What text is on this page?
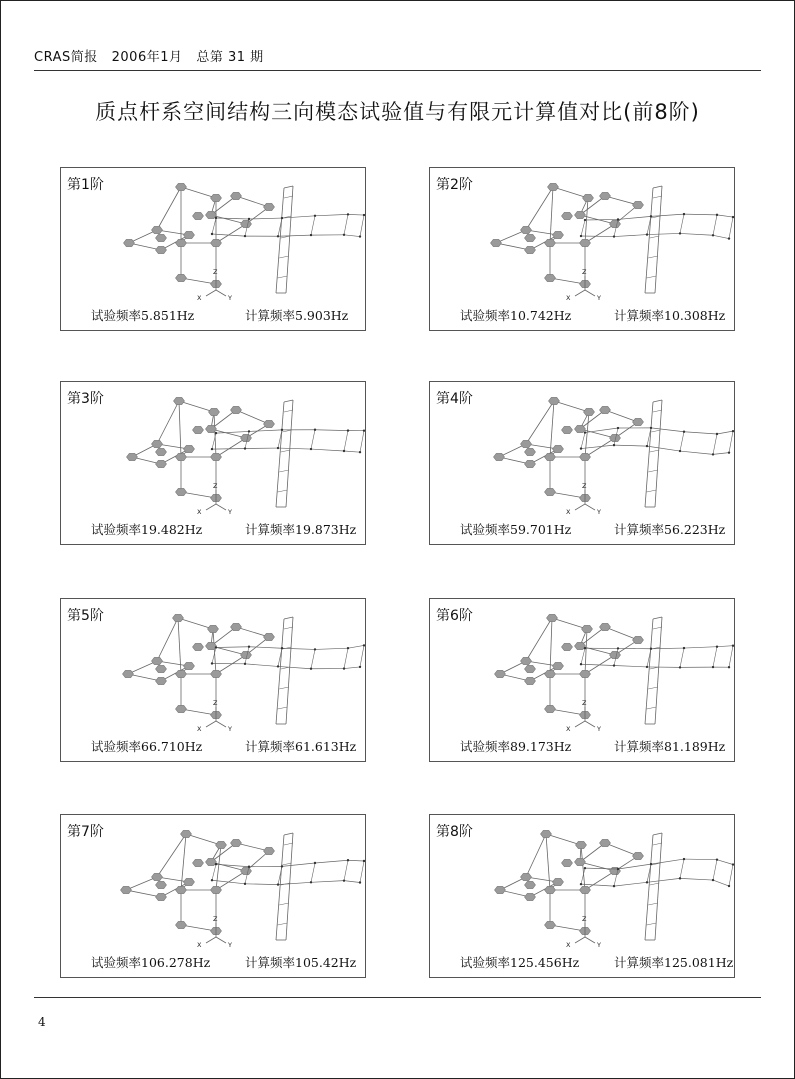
CRAS简报   2006年1月   总第 31 期
质点杆系空间结构三向模态试验值与有限元计算值对比(前8阶)
第1阶
Z
X	Y
试验频率5.851Hz	计算频率5.903Hz
第2阶
Z
X	Y
试验频率10.742Hz	计算频率10.308Hz
第3阶
Z
X	Y
试验频率19.482Hz	计算频率19.873Hz
第4阶
Z
X	Y
试验频率59.701Hz	计算频率56.223Hz
第5阶
Z
X	Y
试验频率66.710Hz	计算频率61.613Hz
第6阶
Z
X	Y
试验频率89.173Hz	计算频率81.189Hz
第7阶
Z
X	Y
试验频率106.278Hz	计算频率105.42Hz
第8阶
Z
X	Y
试验频率125.456Hz	计算频率125.081Hz
4
